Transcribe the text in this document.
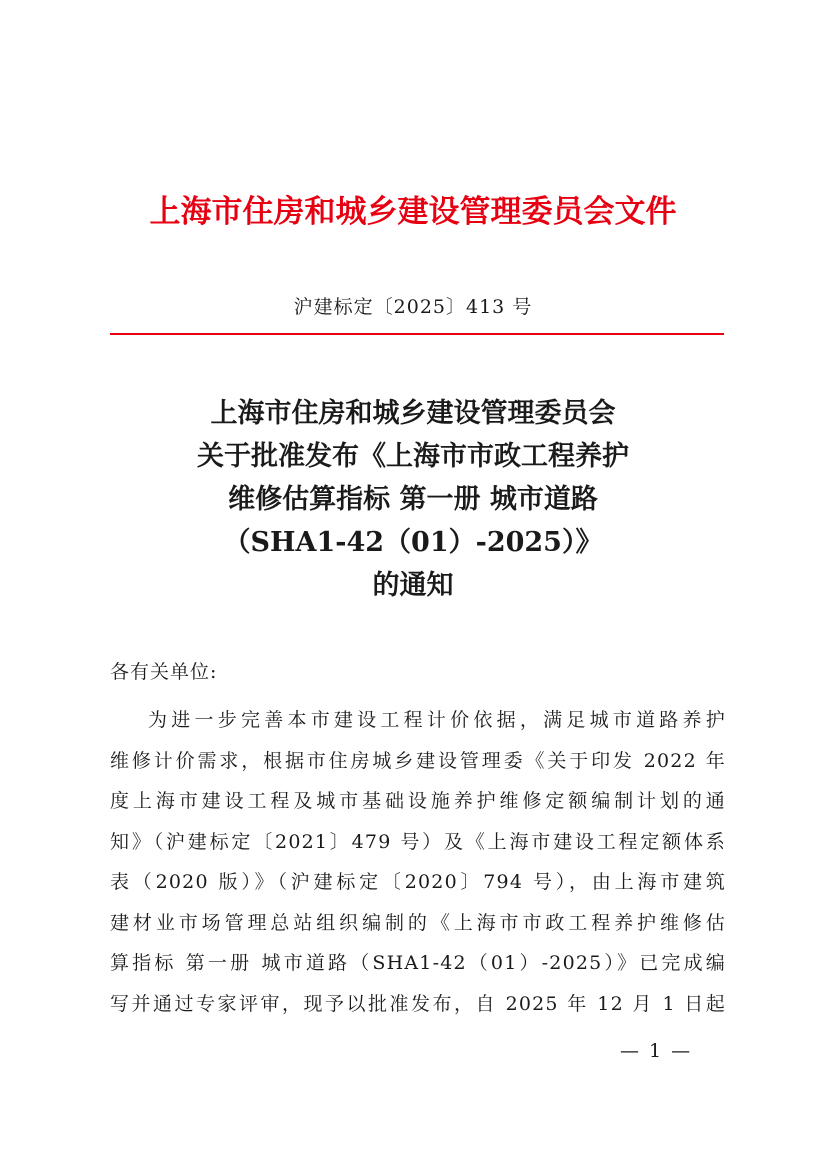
上海市住房和城乡建设管理委员会文件
沪建标定〔2025〕413 号
上海市住房和城乡建设管理委员会
关于批准发布《上海市市政工程养护
维修估算指标 第一册 城市道路
（SHA1-42（01）-2025）》
的通知
各有关单位:
为进一步完善本市建设工程计价依据，满足城市道路养护
维修计价需求，根据市住房城乡建设管理委《关于印发 2022 年
度上海市建设工程及城市基础设施养护维修定额编制计划的通
知》（沪建标定〔2021〕479 号）及《上海市建设工程定额体系
表（2020 版）》（沪建标定〔2020〕794 号），由上海市建筑
建材业市场管理总站组织编制的《上海市市政工程养护维修估
算指标 第一册 城市道路（SHA1-42（01）-2025）》已完成编
写并通过专家评审，现予以批准发布，自 2025 年 12 月 1 日起
— 1 —
